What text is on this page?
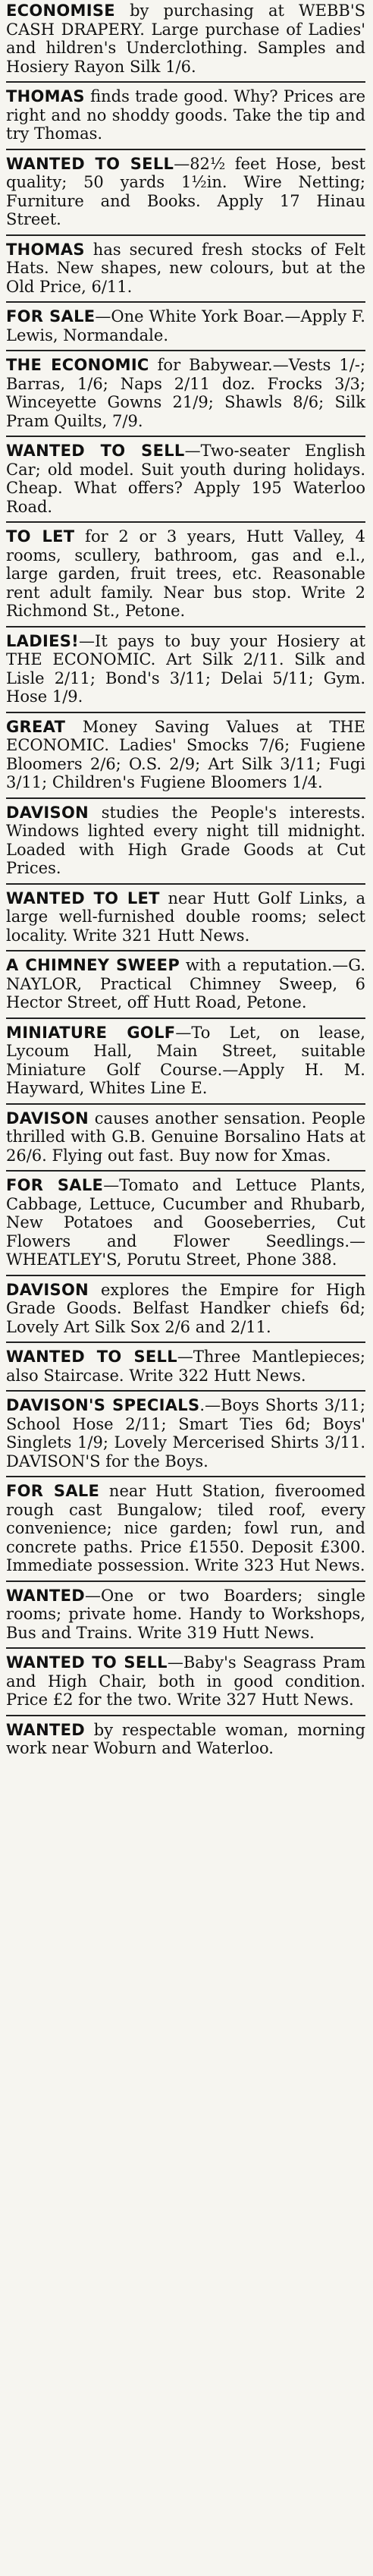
ECONOMISE by purchasing at WEBB'S CASH DRAPERY. Large purchase of Ladies' and hildren's Underclothing. Samples and Hosiery Rayon Silk 1/6.
THOMAS finds trade good. Why? Prices are right and no shoddy goods. Take the tip and try Thomas.
WANTED TO SELL—82½ feet Hose, best quality; 50 yards 1½in. Wire Netting; Furniture and Books. Apply 17 Hinau Street.
THOMAS has secured fresh stocks of Felt Hats. New shapes, new colours, but at the Old Price, 6/11.
FOR SALE—One White York Boar.—Apply F. Lewis, Normandale.
THE ECONOMIC for Babywear.—Vests 1/-; Barras, 1/6; Naps 2/11 doz. Frocks 3/3; Winceyette Gowns 21/9; Shawls 8/6; Silk Pram Quilts, 7/9.
WANTED TO SELL—Two-seater English Car; old model. Suit youth during holidays. Cheap. What offers? Apply 195 Waterloo Road.
TO LET for 2 or 3 years, Hutt Valley, 4 rooms, scullery, bathroom, gas and e.l., large garden, fruit trees, etc. Reasonable rent adult family. Near bus stop. Write 2 Richmond St., Petone.
LADIES!—It pays to buy your Hosiery at THE ECONOMIC. Art Silk 2/11. Silk and Lisle 2/11; Bond's 3/11; Delai 5/11; Gym. Hose 1/9.
GREAT Money Saving Values at THE ECONOMIC. Ladies' Smocks 7/6; Fugiene Bloomers 2/6; O.S. 2/9; Art Silk 3/11; Fugi 3/11; Children's Fugiene Bloomers 1/4.
DAVISON studies the People's interests. Windows lighted every night till midnight. Loaded with High Grade Goods at Cut Prices.
WANTED TO LET near Hutt Golf Links, a large well-furnished double rooms; select locality. Write 321 Hutt News.
A CHIMNEY SWEEP with a reputation.—G. NAYLOR, Practical Chimney Sweep, 6 Hector Street, off Hutt Road, Petone.
MINIATURE GOLF—To Let, on lease, Lycoum Hall, Main Street, suitable Miniature Golf Course.—Apply H. M. Hayward, Whites Line E.
DAVISON causes another sensation. People thrilled with G.B. Genuine Borsalino Hats at 26/6. Flying out fast. Buy now for Xmas.
FOR SALE—Tomato and Lettuce Plants, Cabbage, Lettuce, Cucumber and Rhubarb, New Potatoes and Gooseberries, Cut Flowers and Flower Seedlings.— WHEATLEY'S, Porutu Street, Phone 388.
DAVISON explores the Empire for High Grade Goods. Belfast Handker chiefs 6d; Lovely Art Silk Sox 2/6 and 2/11.
WANTED TO SELL—Three Mantlepieces; also Staircase. Write 322 Hutt News.
DAVISON'S SPECIALS.—Boys Shorts 3/11; School Hose 2/11; Smart Ties 6d; Boys' Singlets 1/9; Lovely Mercerised Shirts 3/11. DAVISON'S for the Boys.
FOR SALE near Hutt Station, fiveroomed rough cast Bungalow; tiled roof, every convenience; nice garden; fowl run, and concrete paths. Price £1550. Deposit £300. Immediate possession. Write 323 Hut News.
WANTED—One or two Boarders; single rooms; private home. Handy to Workshops, Bus and Trains. Write 319 Hutt News.
WANTED TO SELL—Baby's Seagrass Pram and High Chair, both in good condition. Price £2 for the two. Write 327 Hutt News.
WANTED by respectable woman, morning work near Woburn and Waterloo.
